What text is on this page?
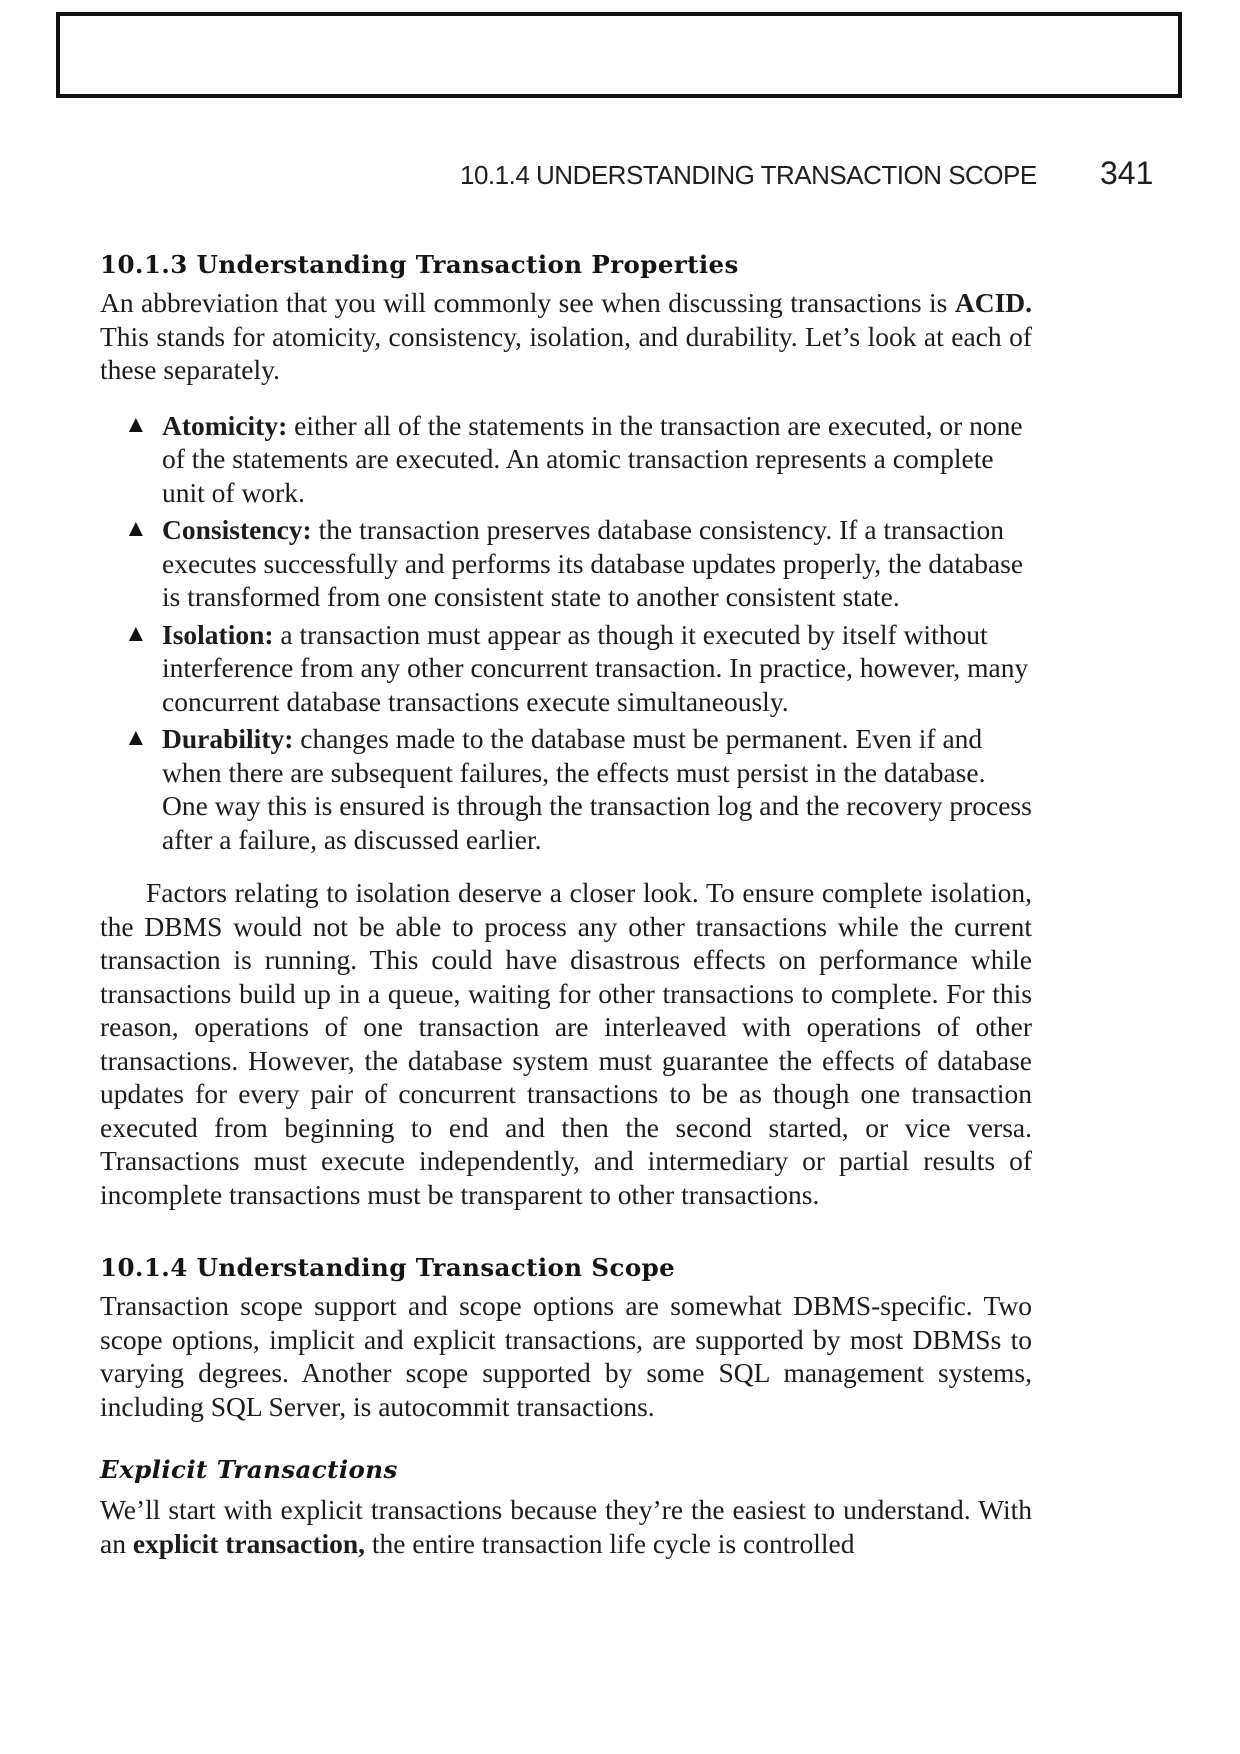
10.1.4 UNDERSTANDING TRANSACTION SCOPE 341
10.1.3 Understanding Transaction Properties

An abbreviation that you will commonly see when discussing transactions is ACID. This stands for atomicity, consistency, isolation, and durability. Let’s look at each of these separately.

▲ Atomicity: either all of the statements in the transaction are executed, or none of the statements are executed. An atomic transaction represents a complete unit of work.
▲ Consistency: the transaction preserves database consistency. If a transaction executes successfully and performs its database updates properly, the database is transformed from one consistent state to another consistent state.
▲ Isolation: a transaction must appear as though it executed by itself without interference from any other concurrent transaction. In practice, however, many concurrent database transactions execute simultaneously.
▲ Durability: changes made to the database must be permanent. Even if and when there are subsequent failures, the effects must persist in the database. One way this is ensured is through the transaction log and the recovery process after a failure, as discussed earlier.

Factors relating to isolation deserve a closer look. To ensure complete isolation, the DBMS would not be able to process any other transactions while the current transaction is running. This could have disastrous effects on performance while transactions build up in a queue, waiting for other transactions to complete. For this reason, operations of one transaction are interleaved with operations of other transactions. However, the database system must guarantee the effects of database updates for every pair of concurrent transactions to be as though one transaction executed from beginning to end and then the second started, or vice versa. Transactions must execute independently, and intermediary or partial results of incomplete transactions must be transparent to other transactions.

10.1.4 Understanding Transaction Scope

Transaction scope support and scope options are somewhat DBMS-specific. Two scope options, implicit and explicit transactions, are supported by most DBMSs to varying degrees. Another scope supported by some SQL management systems, including SQL Server, is autocommit transactions.

Explicit Transactions

We’ll start with explicit transactions because they’re the easiest to understand. With an explicit transaction, the entire transaction life cycle is controlled
